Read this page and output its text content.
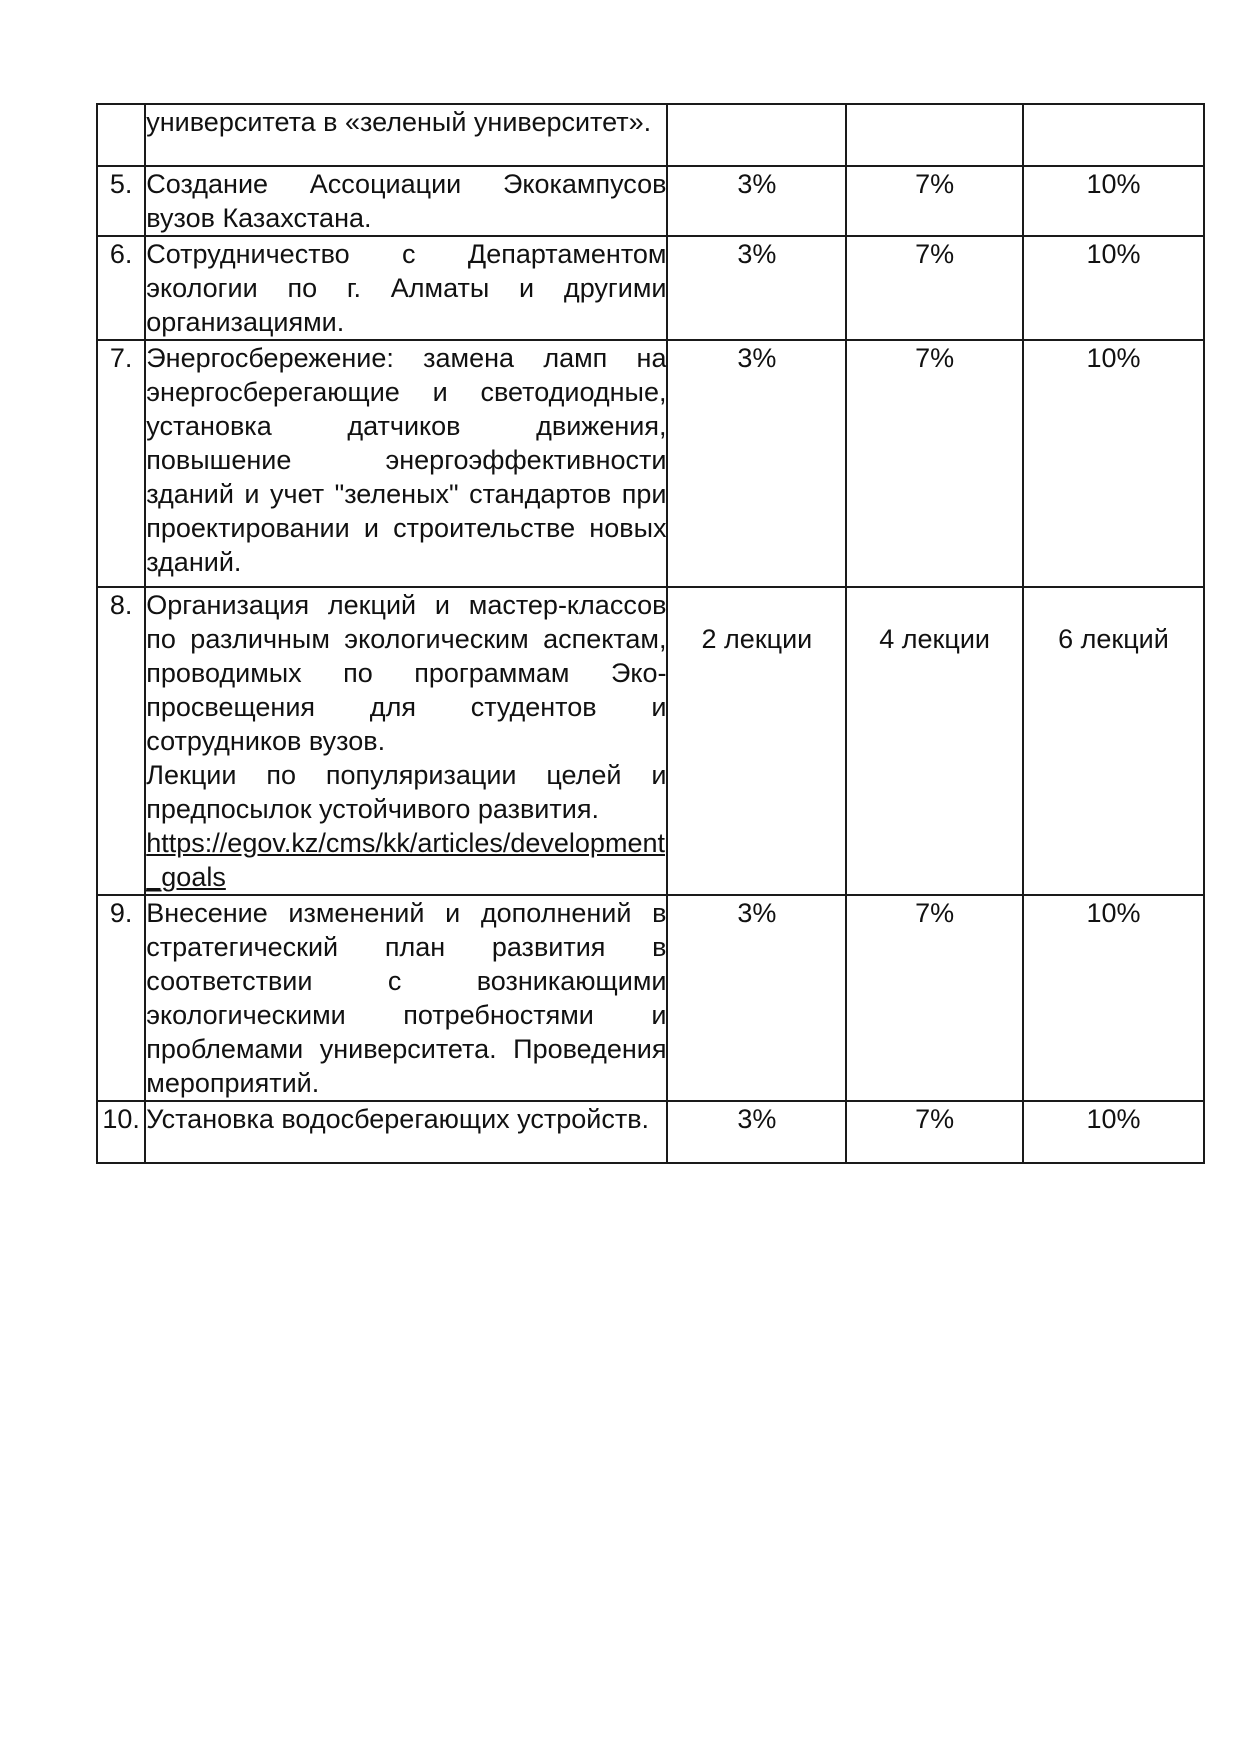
	университета в «зеленый университет».			
5.	Создание Ассоциации Экокампусов вузов Казахстана.	3%	7%	10%
6.	Сотрудничество с Департаментом экологии по г. Алматы и другими организациями.	3%	7%	10%
7.	Энергосбережение: замена ламп на энергосберегающие и светодиодные, установка датчиков движения, повышение энергоэффективности зданий и учет "зеленых" стандартов при проектировании и строительстве новых зданий.	3%	7%	10%
8.	Организация лекций и мастер-классов по различным экологическим аспектам, проводимых по программам Эко-просвещения для студентов и сотрудников вузов.
Лекции по популяризации целей и предпосылок устойчивого развития.
https://egov.kz/cms/kk/articles/development_goals	2 лекции	4 лекции	6 лекций
9.	Внесение изменений и дополнений в стратегический план развития в соответствии с возникающими экологическими потребностями и проблемами университета. Проведения мероприятий.	3%	7%	10%
10.	Установка водосберегающих устройств.	3%	7%	10%
